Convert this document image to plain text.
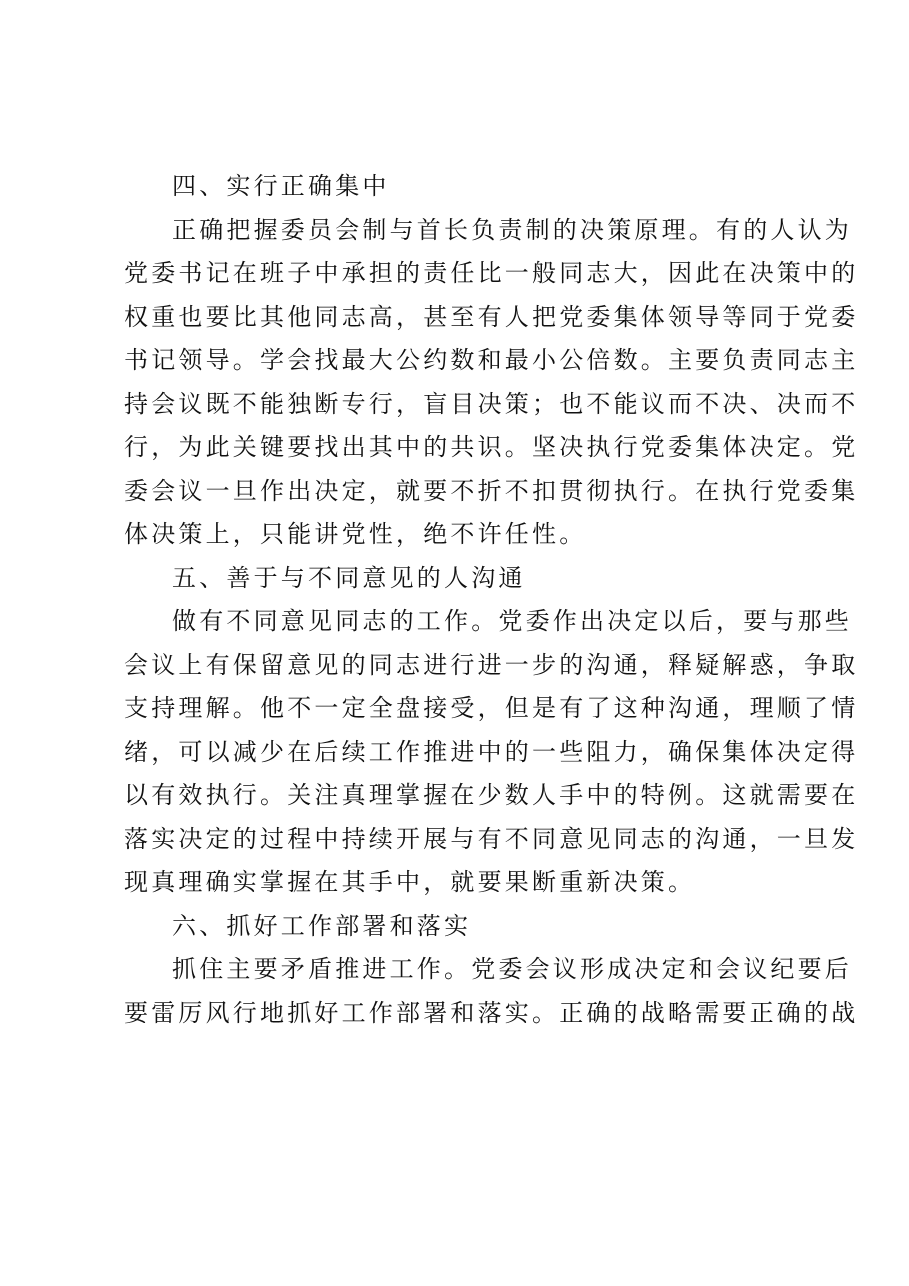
四、实行正确集中
正确把握委员会制与首长负责制的决策原理。有的人认为
党委书记在班子中承担的责任比一般同志大，因此在决策中的
权重也要比其他同志高，甚至有人把党委集体领导等同于党委
书记领导。学会找最大公约数和最小公倍数。主要负责同志主
持会议既不能独断专行，盲目决策；也不能议而不决、决而不
行，为此关键要找出其中的共识。坚决执行党委集体决定。党
委会议一旦作出决定，就要不折不扣贯彻执行。在执行党委集
体决策上，只能讲党性，绝不许任性。
五、善于与不同意见的人沟通
做有不同意见同志的工作。党委作出决定以后，要与那些
会议上有保留意见的同志进行进一步的沟通，释疑解惑，争取
支持理解。他不一定全盘接受，但是有了这种沟通，理顺了情
绪，可以减少在后续工作推进中的一些阻力，确保集体决定得
以有效执行。关注真理掌握在少数人手中的特例。这就需要在
落实决定的过程中持续开展与有不同意见同志的沟通，一旦发
现真理确实掌握在其手中，就要果断重新决策。
六、抓好工作部署和落实
抓住主要矛盾推进工作。党委会议形成决定和会议纪要后
要雷厉风行地抓好工作部署和落实。正确的战略需要正确的战
